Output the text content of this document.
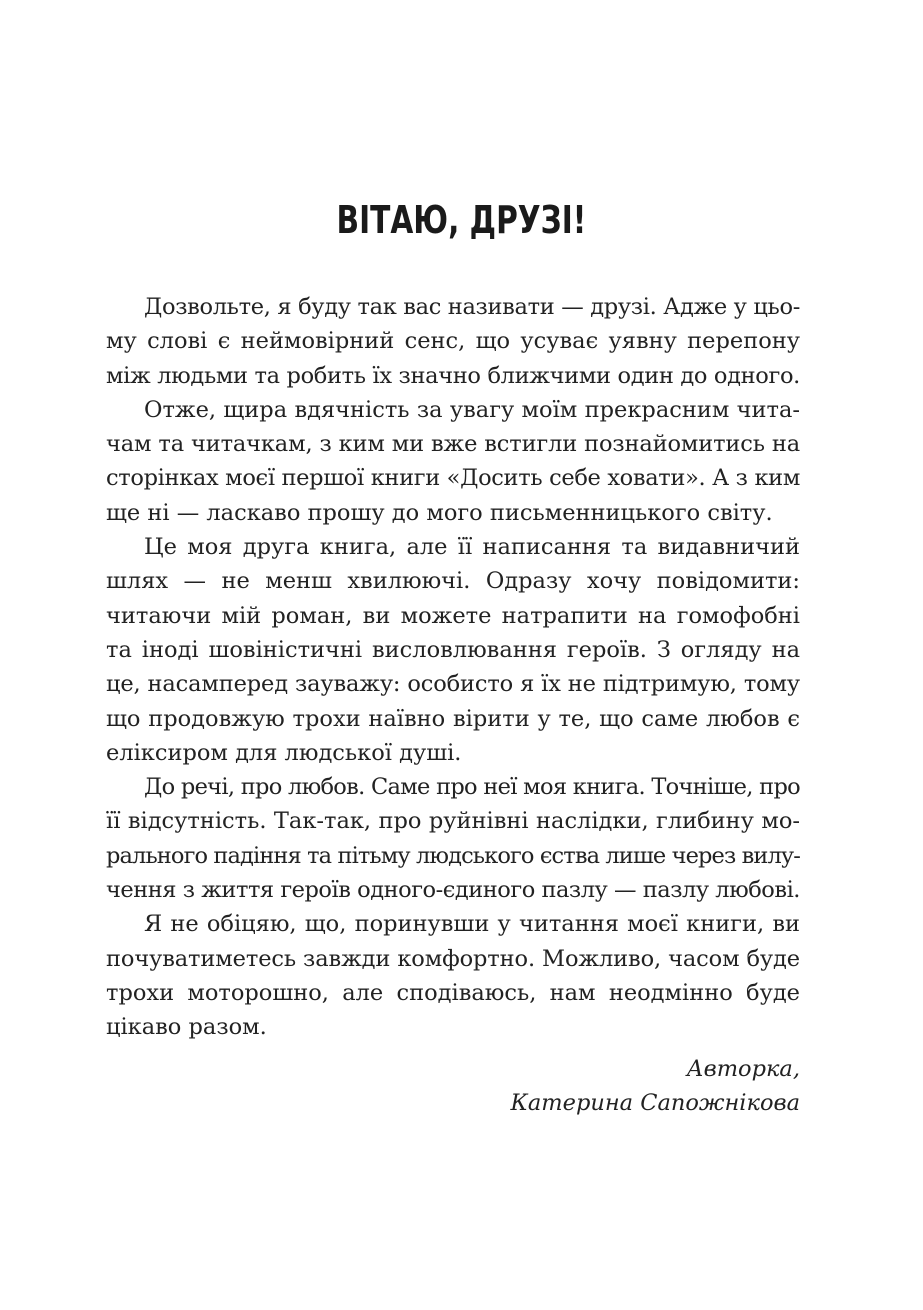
ВІТАЮ, ДРУЗІ!
Дозвольте, я буду так вас називати — друзі. Адже у цьо-
му слові є неймовірний сенс, що усуває уявну перепону
між людьми та робить їх значно ближчими один до одного.
Отже, щира вдячність за увагу моїм прекрасним чита-
чам та читачкам, з ким ми вже встигли познайомитись на
сторінках моєї першої книги «Досить себе ховати». А з ким
ще ні — ласкаво прошу до мого письменницького світу.
Це моя друга книга, але її написання та видавничий
шлях — не менш хвилюючі. Одразу хочу повідомити:
читаючи мій роман, ви можете натрапити на гомофобні
та іноді шовіністичні висловлювання героїв. З огляду на
це, насамперед зауважу: особисто я їх не підтримую, тому
що продовжую трохи наївно вірити у те, що саме любов є
еліксиром для людської душі.
До речі, про любов. Саме про неї моя книга. Точніше, про
її відсутність. Так-так, про руйнівні наслідки, глибину мо-
рального падіння та пітьму людського єства лише через вилу-
чення з життя героїв одного-єдиного пазлу — пазлу любові.
Я не обіцяю, що, поринувши у читання моєї книги, ви
почуватиметесь завжди комфортно. Можливо, часом буде
трохи моторошно, але сподіваюсь, нам неодмінно буде
цікаво разом.
Авторка,
Катерина Сапожнікова
